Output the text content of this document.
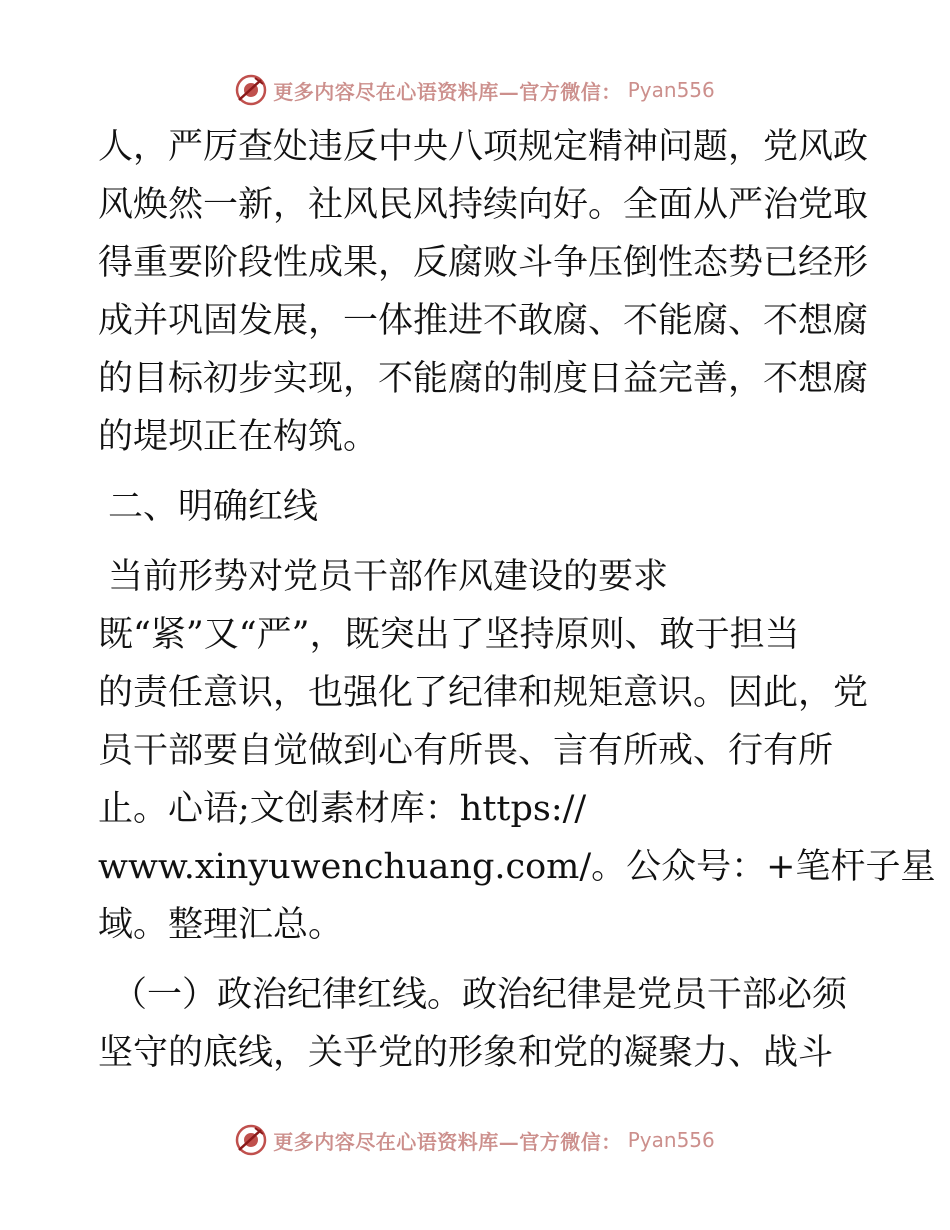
更多内容尽在心语资料库—官方微信： Pyan556
人，严厉查处违反中央八项规定精神问题，党风政
风焕然一新，社风民风持续向好。全面从严治党取
得重要阶段性成果，反腐败斗争压倒性态势已经形
成并巩固发展，一体推进不敢腐、不能腐、不想腐
的目标初步实现，不能腐的制度日益完善，不想腐
的堤坝正在构筑。
二、明确红线
当前形势对党员干部作风建设的要求
既“紧”又“严”，既突出了坚持原则、敢于担当
的责任意识，也强化了纪律和规矩意识。因此，党
员干部要自觉做到心有所畏、言有所戒、行有所
止。心语;文创素材库：https://
www.xinyuwenchuang.com/。公众号：+笔杆子星
域。整理汇总。
（一）政治纪律红线。政治纪律是党员干部必须
坚守的底线，关乎党的形象和党的凝聚力、战斗
更多内容尽在心语资料库—官方微信： Pyan556
